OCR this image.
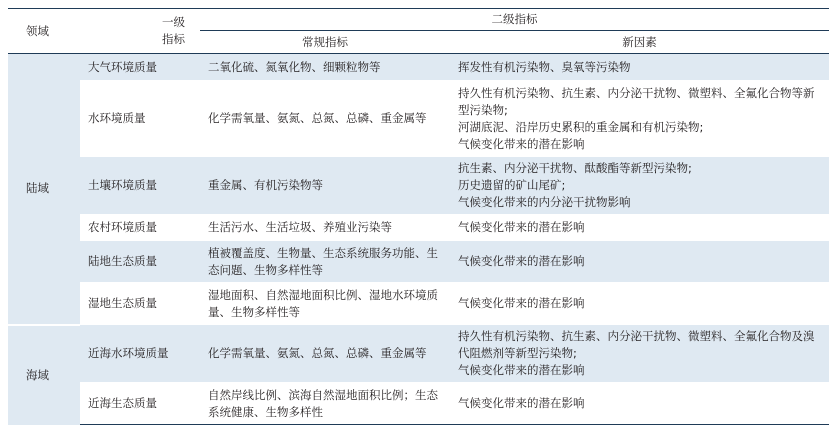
领域	一级指标	二级指标	
		常规指标	新因素
陆域	大气环境质量	二氧化硫、氮氧化物、细颗粒物等	挥发性有机污染物、臭氧等污染物
	水环境质量	化学需氧量、氨氮、总氮、总磷、重金属等	持久性有机污染物、抗生素、内分泌干扰物、微塑料、全氟化合物等新型污染物;
河湖底泥、沿岸历史累积的重金属和有机污染物;
气候变化带来的潜在影响

	土壤环境质量	重金属、有机污染物等	抗生素、内分泌干扰物、酞酸酯等新型污染物;
历史遗留的矿山尾矿;
气候变化带来的内分泌干扰物影响

	农村环境质量	生活污水、生活垃圾、养殖业污染等	气候变化带来的潜在影响
	陆地生态质量	植被覆盖度、生物量、生态系统服务功能、生态问题、生物多样性等	气候变化带来的潜在影响
	湿地生态质量	湿地面积、自然湿地面积比例、湿地水环境质量、生物多样性等	气候变化带来的潜在影响
海域	近海水环境质量	化学需氧量、氨氮、总氮、总磷、重金属等	持久性有机污染物、抗生素、内分泌干扰物、微塑料、全氟化合物及溴代阻燃剂等新型污染物;
气候变化带来的潜在影响

	近海生态质量	自然岸线比例、滨海自然湿地面积比例；生态系统健康、生物多样性	气候变化带来的潜在影响
